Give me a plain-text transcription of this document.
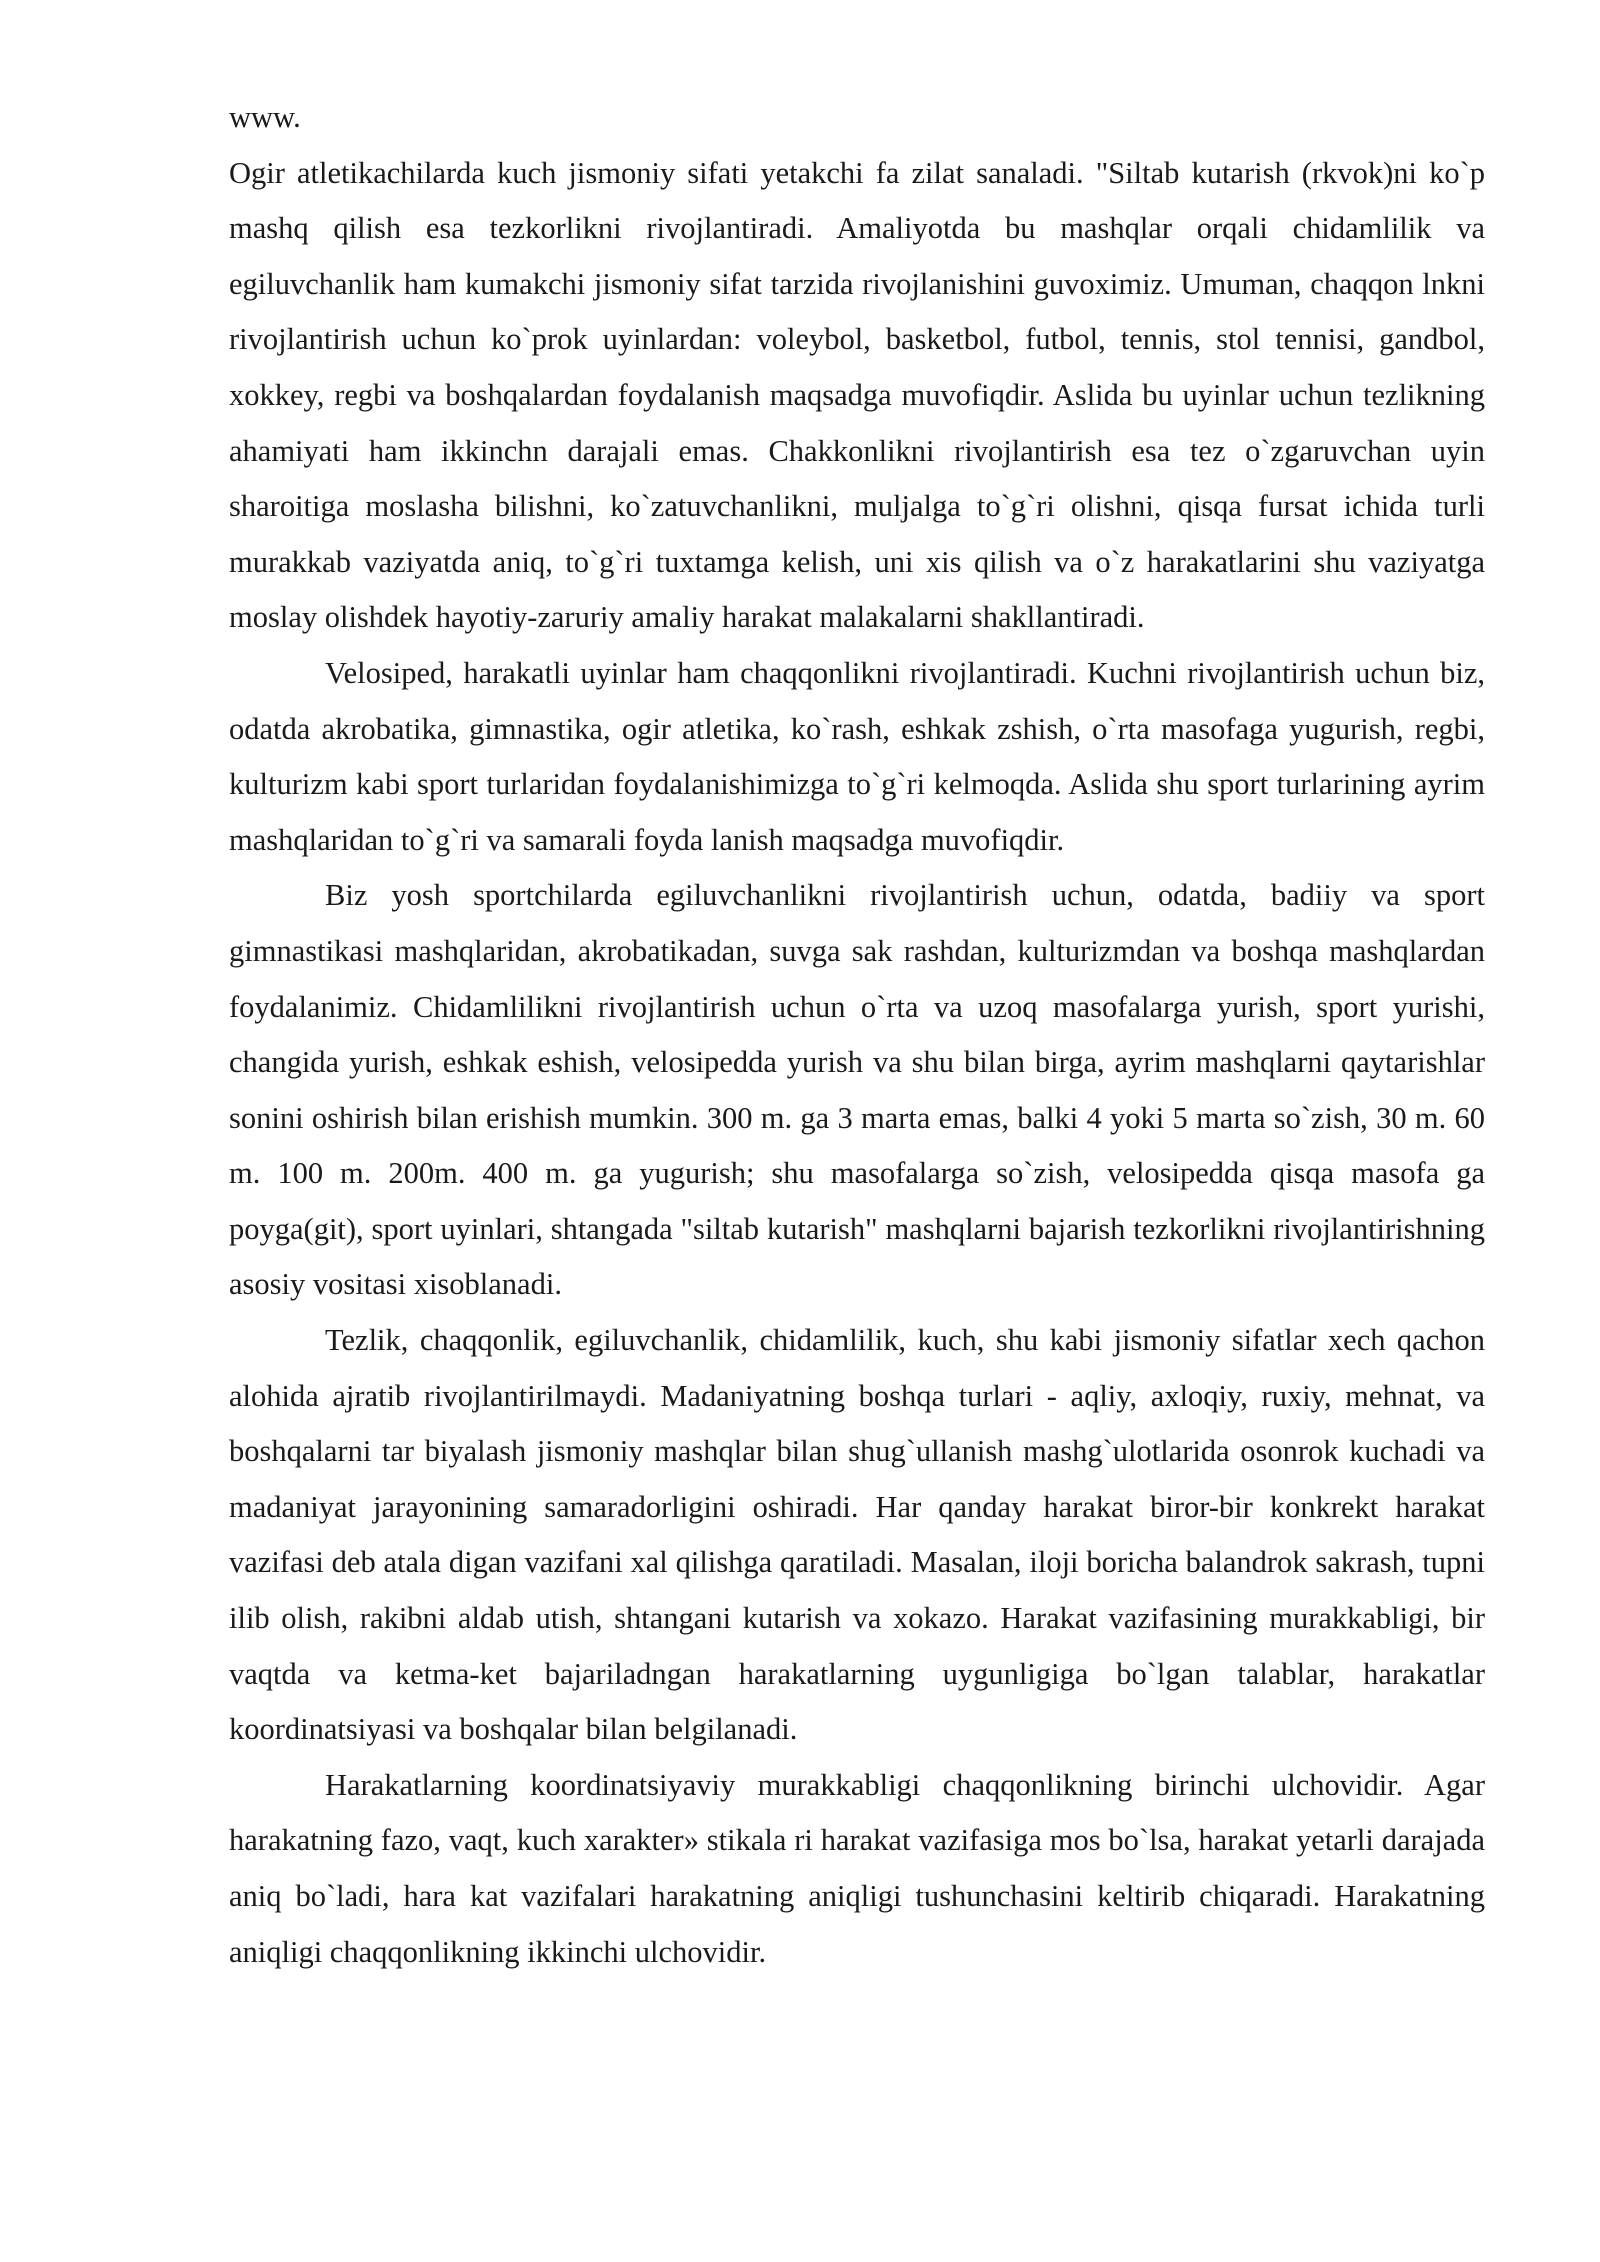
www.

Ogir atletikachilarda kuch jismoniy sifati yetakchi fa zilat sanaladi. "Siltab kutarish (rkvok)ni ko`p mashq qilish esa tezkorlikni rivojlantiradi. Amaliyotda bu mashqlar orqali chidamlilik va egiluvchanlik ham kumakchi jismoniy sifat tarzida rivojlanishini guvoximiz. Umuman, chaqqon lnkni rivojlantirish uchun ko`prok uyinlardan: voleybol, basketbol, futbol, tennis, stol tennisi, gandbol, xokkey, regbi va boshqalardan foydalanish maqsadga muvofiqdir. Aslida bu uyinlar uchun tezlikning ahamiyati ham ikkinchn darajali emas. Chakkonlikni rivojlantirish esa tez o`zgaruvchan uyin sharoitiga moslasha bilishni, ko`zatuvchanlikni, muljalga to`g`ri olishni, qisqa fursat ichida turli murakkab vaziyatda aniq, to`g`ri tuxtamga kelish, uni xis qilish va o`z harakatlarini shu vaziyatga moslay olishdek hayotiy-zaruriy amaliy harakat malakalarni shakllantiradi.

Velosiped, harakatli uyinlar ham chaqqonlikni rivojlantiradi. Kuchni rivojlantirish uchun biz, odatda akrobatika, gimnastika, ogir atletika, ko`rash, eshkak zshish, o`rta masofaga yugurish, regbi, kulturizm kabi sport turlaridan foydalanishimizga to`g`ri kelmoqda. Aslida shu sport turlarining ayrim mashqlaridan to`g`ri va samarali foyda lanish maqsadga muvofiqdir.

Biz yosh sportchilarda egiluvchanlikni rivojlantirish uchun, odatda, badiiy va sport gimnastikasi mashqlaridan, akrobatikadan, suvga sak rashdan, kulturizmdan va boshqa mashqlardan foydalanimiz. Chidamlilikni rivojlantirish uchun o`rta va uzoq masofalarga yurish, sport yurishi, changida yurish, eshkak eshish, velosipedda yurish va shu bilan birga, ayrim mashqlarni qaytarishlar sonini oshirish bilan erishish mumkin. 300 m. ga 3 marta emas, balki 4 yoki 5 marta so`zish, 30 m. 60 m. 100 m. 200m. 400 m. ga yugurish; shu masofalarga so`zish, velosipedda qisqa masofa ga poyga(git), sport uyinlari, shtangada "siltab kutarish" mashqlarni bajarish tezkorlikni rivojlantirishning asosiy vositasi xisoblanadi.

Tezlik, chaqqonlik, egiluvchanlik, chidamlilik, kuch, shu kabi jismoniy sifatlar xech qachon alohida ajratib rivojlantirilmaydi. Madaniyatning boshqa turlari - aqliy, axloqiy, ruxiy, mehnat, va boshqalarni tar biyalash jismoniy mashqlar bilan shug`ullanish mashg`ulotlarida osonrok kuchadi va madaniyat jarayonining samaradorligini oshiradi. Har qanday harakat biror-bir konkrekt harakat vazifasi deb atala digan vazifani xal qilishga qaratiladi. Masalan, iloji boricha balandrok sakrash, tupni ilib olish, rakibni aldab utish, shtangani kutarish va xokazo. Harakat vazifasining murakkabligi, bir vaqtda va ketma-ket bajariladngan harakatlarning uygunligiga bo`lgan talablar, harakatlar koordinatsiyasi va boshqalar bilan belgilanadi.

Harakatlarning koordinatsiyaviy murakkabligi chaqqonlikning birinchi ulchovidir. Agar harakatning fazo, vaqt, kuch xarakter» stikala ri harakat vazifasiga mos bo`lsa, harakat yetarli darajada aniq bo`ladi, hara kat vazifalari harakatning aniqligi tushunchasini keltirib chiqaradi. Harakatning aniqligi chaqqonlikning ikkinchi ulchovidir.
